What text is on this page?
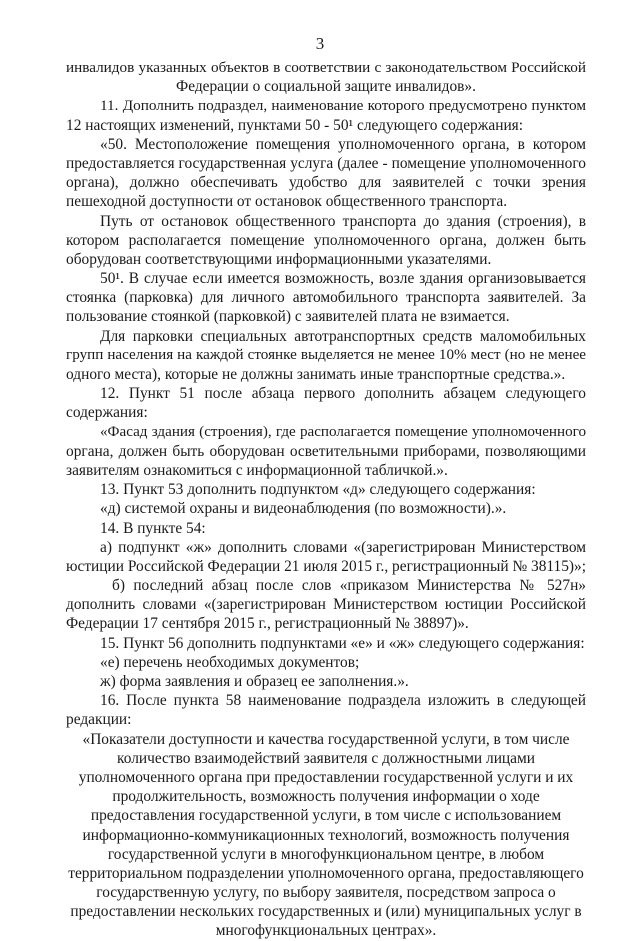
3
инвалидов указанных объектов в соответствии с законодательством Российской
Федерации о социальной защите инвалидов».
11. Дополнить подраздел, наименование которого предусмотрено пунктом
12 настоящих изменений, пунктами 50 - 50¹ следующего содержания:
«50. Местоположение помещения уполномоченного органа, в котором
предоставляется государственная услуга (далее - помещение уполномоченного
органа), должно обеспечивать удобство для заявителей с точки зрения
пешеходной доступности от остановок общественного транспорта.
Путь от остановок общественного транспорта до здания (строения), в
котором располагается помещение уполномоченного органа, должен быть
оборудован соответствующими информационными указателями.
50¹. В случае если имеется возможность, возле здания организовывается
стоянка (парковка) для личного автомобильного транспорта заявителей. За
пользование стоянкой (парковкой) с заявителей плата не взимается.
Для парковки специальных автотранспортных средств маломобильных
групп населения на каждой стоянке выделяется не менее 10% мест (но не менее
одного места), которые не должны занимать иные транспортные средства.».
12. Пункт 51 после абзаца первого дополнить абзацем следующего
содержания:
«Фасад здания (строения), где располагается помещение уполномоченного
органа, должен быть оборудован осветительными приборами, позволяющими
заявителям ознакомиться с информационной табличкой.».
13. Пункт 53 дополнить подпунктом «д» следующего содержания:
«д) системой охраны и видеонаблюдения (по возможности).».
14. В пункте 54:
а) подпункт «ж» дополнить словами «(зарегистрирован Министерством
юстиции Российской Федерации 21 июля 2015 г., регистрационный № 38115)»;
б) последний абзац после слов «приказом Министерства № 527н»
дополнить словами «(зарегистрирован Министерством юстиции Российской
Федерации 17 сентября 2015 г., регистрационный № 38897)».
15. Пункт 56 дополнить подпунктами «е» и «ж» следующего содержания:
«е) перечень необходимых документов;
ж) форма заявления и образец ее заполнения.».
16. После пункта 58 наименование подраздела изложить в следующей
редакции:
«Показатели доступности и качества государственной услуги, в том числе
количество взаимодействий заявителя с должностными лицами
уполномоченного органа при предоставлении государственной услуги и их
продолжительность, возможность получения информации о ходе
предоставления государственной услуги, в том числе с использованием
информационно-коммуникационных технологий, возможность получения
государственной услуги в многофункциональном центре, в любом
территориальном подразделении уполномоченного органа, предоставляющего
государственную услугу, по выбору заявителя, посредством запроса о
предоставлении нескольких государственных и (или) муниципальных услуг в
многофункциональных центрах».
